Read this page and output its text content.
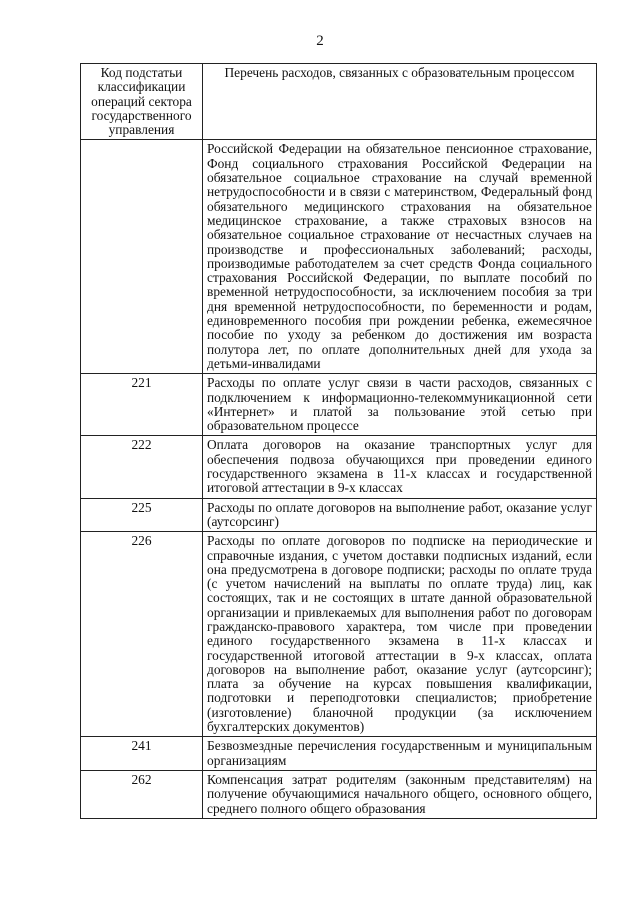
2
Код подстатьи классификации операций сектора государственного управления	Перечень расходов, связанных с образовательным процессом
	Российской Федерации на обязательное пенсионное страхование, Фонд социального страхования Российской Федерации на обязательное социальное страхование на случай временной нетрудоспособности и в связи с материнством, Федеральный фонд обязательного медицинского страхования на обязательное медицинское страхование, а также страховых взносов на обязательное социальное страхование от несчастных случаев на производстве и профессиональных заболеваний; расходы, производимые работодателем за счет средств Фонда социального страхования Российской Федерации, по выплате пособий по временной нетрудоспособности, за исключением пособия за три дня временной нетрудоспособности, по беременности и родам, единовременного пособия при рождении ребенка, ежемесячное пособие по уходу за ребенком до достижения им возраста полутора лет, по оплате дополнительных дней для ухода за детьми-инвалидами
221	Расходы по оплате услуг связи в части расходов, связанных с подключением к информационно-телекоммуникационной сети «Интернет» и платой за пользование этой сетью при образовательном процессе
222	Оплата договоров на оказание транспортных услуг для обеспечения подвоза обучающихся при проведении единого государственного экзамена в 11-х классах и государственной итоговой аттестации в 9-х классах
225	Расходы по оплате договоров на выполнение работ, оказание услуг (аутсорсинг)
226	Расходы по оплате договоров по подписке на периодические и справочные издания, с учетом доставки подписных изданий, если она предусмотрена в договоре подписки; расходы по оплате труда (с учетом начислений на выплаты по оплате труда) лиц, как состоящих, так и не состоящих в штате данной образовательной организации и привлекаемых для выполнения работ по договорам гражданско-правового характера, том числе при проведении единого государственного экзамена в 11-х классах и государственной итоговой аттестации в 9-х классах, оплата договоров на выполнение работ, оказание услуг (аутсорсинг); плата за обучение на курсах повышения квалификации, подготовки и переподготовки специалистов; приобретение (изготовление) бланочной продукции (за исключением бухгалтерских документов)
241	Безвозмездные перечисления государственным и муниципальным организациям
262	Компенсация затрат родителям (законным представителям) на получение обучающимися начального общего, основного общего, среднего полного общего образования
